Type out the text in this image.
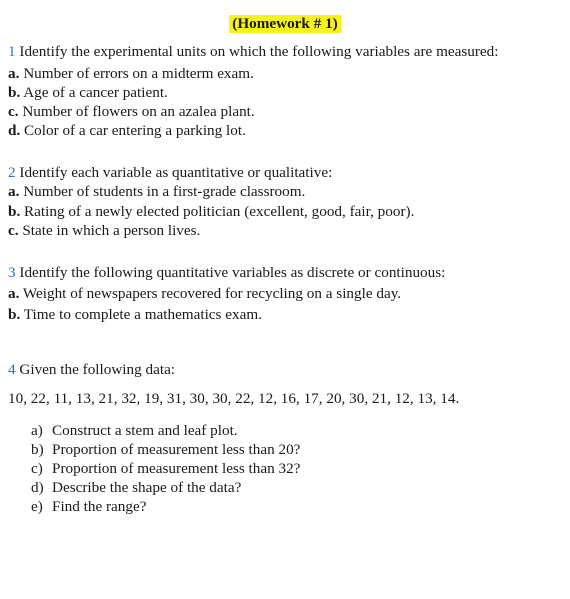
(Homework # 1)
1 Identify the experimental units on which the following variables are measured:
a. Number of errors on a midterm exam.
b. Age of a cancer patient.
c. Number of flowers on an azalea plant.
d. Color of a car entering a parking lot.
2 Identify each variable as quantitative or qualitative:
a. Number of students in a first-grade classroom.
b. Rating of a newly elected politician (excellent, good, fair, poor).
c. State in which a person lives.
3 Identify the following quantitative variables as discrete or continuous:
a. Weight of newspapers recovered for recycling on a single day.
b. Time to complete a mathematics exam.
4 Given the following data:
10, 22, 11, 13, 21, 32, 19, 31, 30, 30, 22, 12, 16, 17, 20, 30, 21, 12, 13, 14.
a) Construct a stem and leaf plot.
b) Proportion of measurement less than 20?
c) Proportion of measurement less than 32?
d) Describe the shape of the data?
e) Find the range?
